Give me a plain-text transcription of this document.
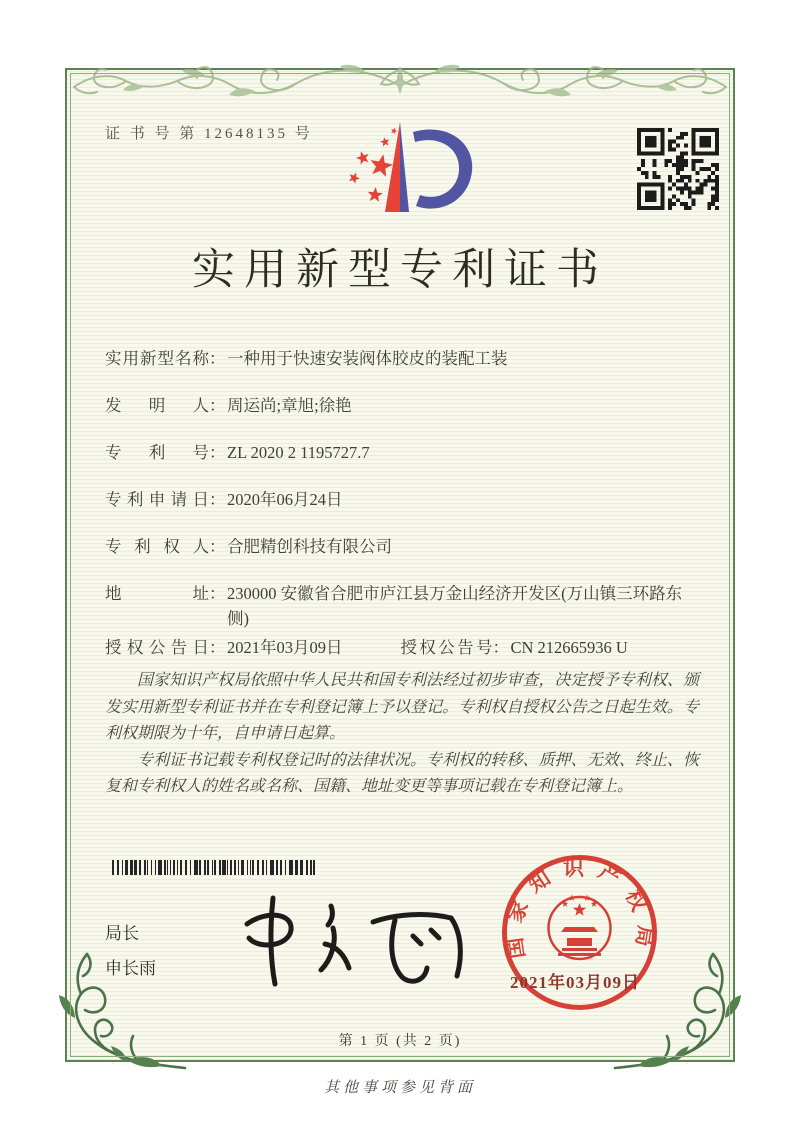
证 书 号 第 12648135 号
实用新型专利证书
实用新型名称 ： 一种用于快速安装阀体胶皮的装配工装
发明人 ： 周运尚;章旭;徐艳
专利号 ： ZL 2020 2 1195727.7
专利申请日 ： 2020年06月24日
专利权人 ： 合肥精创科技有限公司
地址 ： 230000 安徽省合肥市庐江县万金山经济开发区(万山镇三环路东侧)
授权公告日 ： 2021年03月09日	授权公告号 ： CN 212665936 U

国家知识产权局依照中华人民共和国专利法经过初步审查，决定授予专利权、颁发实用新型专利证书并在专利登记簿上予以登记。专利权自授权公告之日起生效。专利权期限为十年，自申请日起算。

专利证书记载专利权登记时的法律状况。专利权的转移、质押、无效、终止、恢复和专利权人的姓名或名称、国籍、地址变更等事项记载在专利登记簿上。

局长
申长雨
国家知识产权局
2021年03月09日
第 1 页 (共 2 页)
其他事项参见背面
